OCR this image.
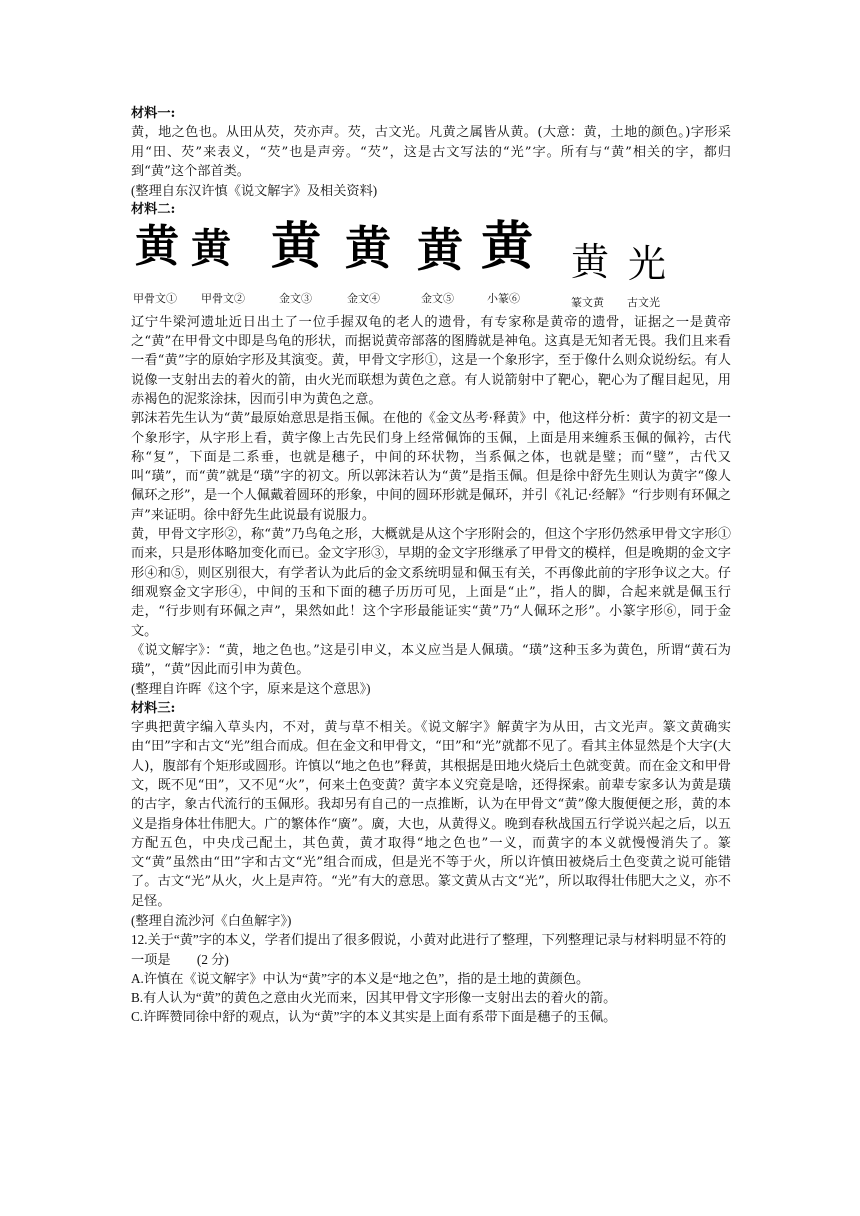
材料一:

黄，地之色也。从田从芡，芡亦声。芡，古文光。凡黄之属皆从黄。(大意：黄，土地的颜色。)字形采用“田、芡”来表义，“芡”也是声旁。“芡”，这是古文写法的“光”字。所有与“黄”相关的字，都归到“黄”这个部首类。

(整理自东汉许慎《说文解字》及相关资料)

材料二:

黄 黄 黄 黄 黄 黄 黄 光
甲骨文① 甲骨文②	金文③	金文④	金文⑤	小篆⑥	篆文黄 古文光

辽宁牛梁河遗址近日出土了一位手握双龟的老人的遗骨，有专家称是黄帝的遗骨，证据之一是黄帝之“黄”在甲骨文中即是鸟龟的形状，而据说黄帝部落的图腾就是神龟。这真是无知者无畏。我们且来看一看“黄”字的原始字形及其演变。黄，甲骨文字形①，这是一个象形字，至于像什么则众说纷纭。有人说像一支射出去的着火的箭，由火光而联想为黄色之意。有人说箭射中了靶心，靶心为了醒目起见，用赤褐色的泥浆涂抹，因而引申为黄色之意。

郭沫若先生认为“黄”最原始意思是指玉佩。在他的《金文丛考·释黄》中，他这样分析：黄字的初文是一个象形字，从字形上看，黄字像上古先民们身上经常佩饰的玉佩，上面是用来缠系玉佩的佩衿，古代称“复”，下面是二系垂，也就是穗子，中间的环状物，当系佩之体，也就是璧；而“璧”，古代又叫“璜”，而“黄”就是“璜”字的初文。所以郭沫若认为“黄”是指玉佩。但是徐中舒先生则认为黄字“像人佩环之形”，是一个人佩戴着圆环的形象，中间的圆环形就是佩环，并引《礼记·经解》“行步则有环佩之声”来证明。徐中舒先生此说最有说服力。

黄，甲骨文字形②，称“黄”乃鸟龟之形，大概就是从这个字形附会的，但这个字形仍然承甲骨文字形①而来，只是形体略加变化而已。金文字形③，早期的金文字形继承了甲骨文的模样，但是晚期的金文字形④和⑤，则区别很大，有学者认为此后的金文系统明显和佩玉有关，不再像此前的字形争议之大。仔细观察金文字形④，中间的玉和下面的穗子历历可见，上面是“止”，指人的脚，合起来就是佩玉行走，“行步则有环佩之声”，果然如此！这个字形最能证实“黄”乃“人佩环之形”。小篆字形⑥，同于金文。

《说文解字》：“黄，地之色也。”这是引申义，本义应当是人佩璜。“璜”这种玉多为黄色，所谓“黄石为璜”，“黄”因此而引申为黄色。

(整理自许晖《这个字，原来是这个意思》)

材料三:

字典把黄字编入草头内，不对，黄与草不相关。《说文解字》解黄字为从田，古文光声。篆文黄确实由“田”字和古文“光”组合而成。但在金文和甲骨文，“田”和“光”就都不见了。看其主体显然是个大字(大人)，腹部有个矩形或圆形。许慎以“地之色也”释黄，其根据是田地火烧后土色就变黄。而在金文和甲骨文，既不见“田”，又不见“火”，何来土色变黄？黄字本义究竟是啥，还得探索。前辈专家多认为黄是璜的古字，象古代流行的玉佩形。我却另有自己的一点推断，认为在甲骨文“黄”像大腹便便之形，黄的本义是指身体壮伟肥大。广的繁体作“廣”。廣，大也，从黄得义。晚到春秋战国五行学说兴起之后，以五方配五色，中央戊己配土，其色黄，黄才取得“地之色也”一义，而黄字的本义就慢慢消失了。篆文“黄”虽然由“田”字和古文“光”组合而成，但是光不等于火，所以许慎田被烧后土色变黄之说可能错了。古文“光”从火，火上是声符。“光”有大的意思。篆文黄从古文“光”，所以取得壮伟肥大之义，亦不足怪。

(整理自流沙河《白鱼解字》)

12.关于“黄”字的本义，学者们提出了很多假说，小黄对此进行了整理，下列整理记录与材料明显不符的一项是　　(2 分)

A.许慎在《说文解字》中认为“黄”字的本义是“地之色”，指的是土地的黄颜色。

B.有人认为“黄”的黄色之意由火光而来，因其甲骨文字形像一支射出去的着火的箭。

C.许晖赞同徐中舒的观点，认为“黄”字的本义其实是上面有系带下面是穗子的玉佩。
